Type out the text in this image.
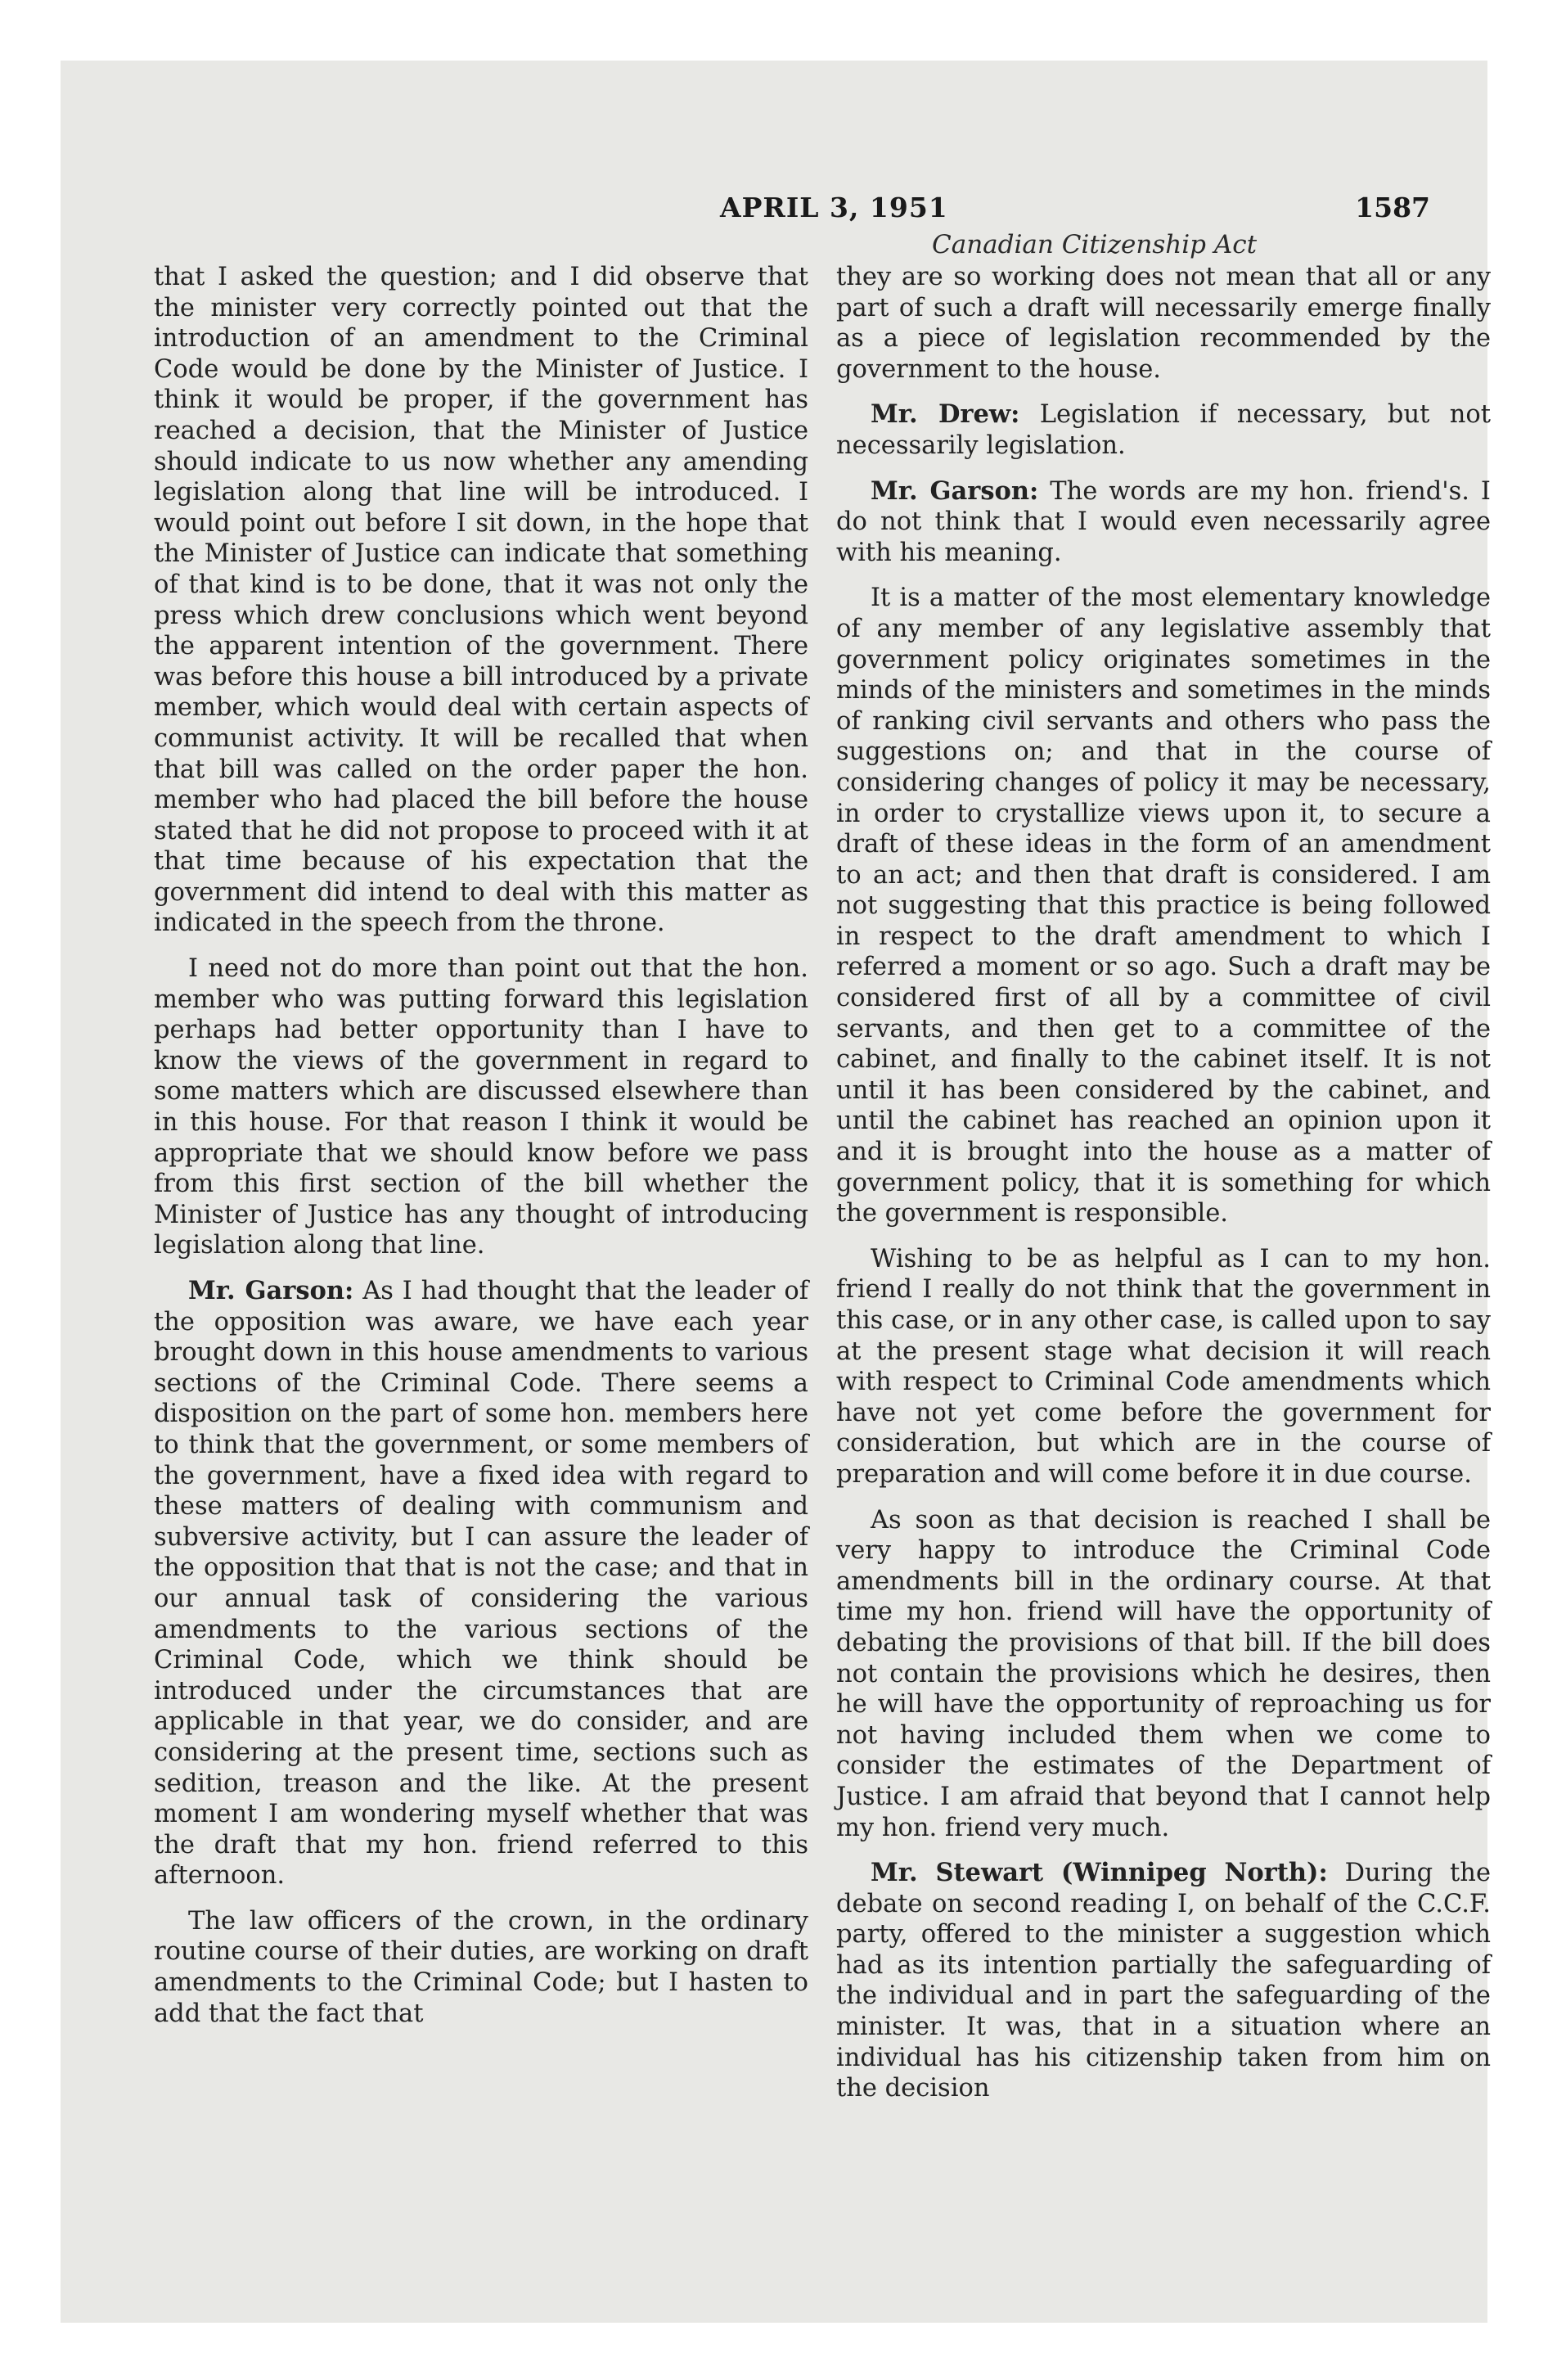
APRIL 3, 1951	1587
Canadian Citizenship Act

that I asked the question; and I did observe that the minister very correctly pointed out that the introduction of an amendment to the Criminal Code would be done by the Minister of Justice. I think it would be proper, if the government has reached a decision, that the Minister of Justice should indicate to us now whether any amending legislation along that line will be introduced. I would point out before I sit down, in the hope that the Minister of Justice can indicate that something of that kind is to be done, that it was not only the press which drew conclusions which went beyond the apparent intention of the government. There was before this house a bill introduced by a private member, which would deal with certain aspects of communist activity. It will be recalled that when that bill was called on the order paper the hon. member who had placed the bill before the house stated that he did not propose to proceed with it at that time because of his expectation that the government did intend to deal with this matter as indicated in the speech from the throne.

I need not do more than point out that the hon. member who was putting forward this legislation perhaps had better opportunity than I have to know the views of the government in regard to some matters which are discussed elsewhere than in this house. For that reason I think it would be appropriate that we should know before we pass from this first section of the bill whether the Minister of Justice has any thought of introducing legislation along that line.

Mr. Garson: As I had thought that the leader of the opposition was aware, we have each year brought down in this house amendments to various sections of the Criminal Code. There seems a disposition on the part of some hon. members here to think that the government, or some members of the government, have a fixed idea with regard to these matters of dealing with communism and subversive activity, but I can assure the leader of the opposition that that is not the case; and that in our annual task of considering the various amendments to the various sections of the Criminal Code, which we think should be introduced under the circumstances that are applicable in that year, we do consider, and are considering at the present time, sections such as sedition, treason and the like. At the present moment I am wondering myself whether that was the draft that my hon. friend referred to this afternoon.

The law officers of the crown, in the ordinary routine course of their duties, are working on draft amendments to the Criminal Code; but I hasten to add that the fact that

they are so working does not mean that all or any part of such a draft will necessarily emerge finally as a piece of legislation recommended by the government to the house.

Mr. Drew: Legislation if necessary, but not necessarily legislation.

Mr. Garson: The words are my hon. friend's. I do not think that I would even necessarily agree with his meaning.

It is a matter of the most elementary knowledge of any member of any legislative assembly that government policy originates sometimes in the minds of the ministers and sometimes in the minds of ranking civil servants and others who pass the suggestions on; and that in the course of considering changes of policy it may be necessary, in order to crystallize views upon it, to secure a draft of these ideas in the form of an amendment to an act; and then that draft is considered. I am not suggesting that this practice is being followed in respect to the draft amendment to which I referred a moment or so ago. Such a draft may be considered first of all by a committee of civil servants, and then get to a committee of the cabinet, and finally to the cabinet itself. It is not until it has been considered by the cabinet, and until the cabinet has reached an opinion upon it and it is brought into the house as a matter of government policy, that it is something for which the government is responsible.

Wishing to be as helpful as I can to my hon. friend I really do not think that the government in this case, or in any other case, is called upon to say at the present stage what decision it will reach with respect to Criminal Code amendments which have not yet come before the government for consideration, but which are in the course of preparation and will come before it in due course.

As soon as that decision is reached I shall be very happy to introduce the Criminal Code amendments bill in the ordinary course. At that time my hon. friend will have the opportunity of debating the provisions of that bill. If the bill does not contain the provisions which he desires, then he will have the opportunity of reproaching us for not having included them when we come to consider the estimates of the Department of Justice. I am afraid that beyond that I cannot help my hon. friend very much.

Mr. Stewart (Winnipeg North): During the debate on second reading I, on behalf of the C.C.F. party, offered to the minister a suggestion which had as its intention partially the safeguarding of the individual and in part the safeguarding of the minister. It was, that in a situation where an individual has his citizenship taken from him on the decision
